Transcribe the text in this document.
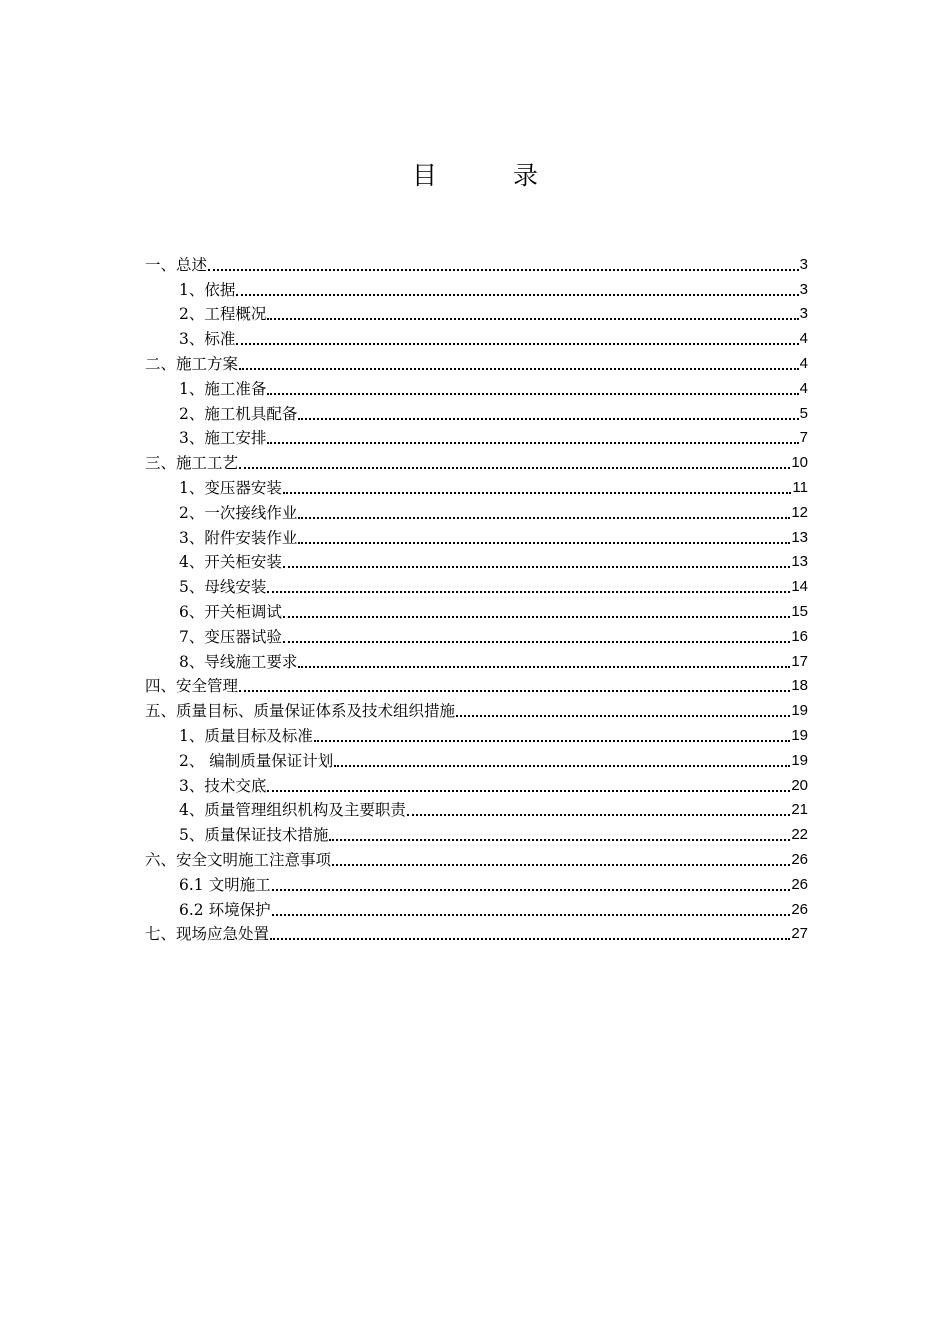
目 录
一、总述	3
1、依据	3
2、工程概况	3
3、标准	4
二、施工方案	4
1、施工准备	4
2、施工机具配备	5
3、施工安排	7
三、施工工艺	10
1、变压器安装	11
2、一次接线作业	12
3、附件安装作业	13
4、开关柜安装	13
5、母线安装	14
6、开关柜调试	15
7、变压器试验	16
8、导线施工要求	17
四、安全管理	18
五、质量目标、质量保证体系及技术组织措施	19
1、质量目标及标准	19
2、 编制质量保证计划	19
3、技术交底	20
4、质量管理组织机构及主要职责	21
5、质量保证技术措施	22
六、安全文明施工注意事项	26
6.1 文明施工	26
6.2 环境保护	26
七、现场应急处置	27
